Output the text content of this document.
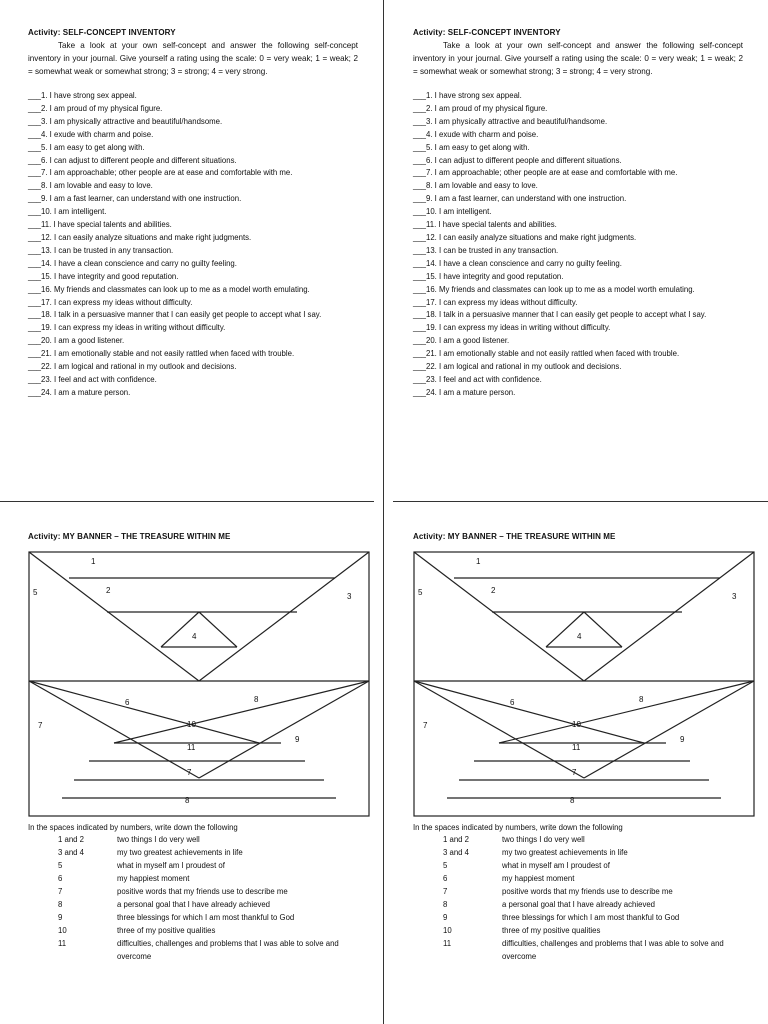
Activity: SELF-CONCEPT INVENTORY
Take a look at your own self-concept and answer the following self-concept inventory in your journal. Give yourself a rating using the scale: 0 = very weak; 1 = weak; 2 = somewhat weak or somewhat strong; 3 = strong; 4 = very strong.
___1. I have strong sex appeal.
___2. I am proud of my physical figure.
___3. I am physically attractive and beautiful/handsome.
___4. I exude with charm and poise.
___5. I am easy to get along with.
___6. I can adjust to different people and different situations.
___7. I am approachable; other people are at ease and comfortable with me.
___8. I am lovable and easy to love.
___9. I am a fast learner, can understand with one instruction.
___10. I am intelligent.
___11. I have special talents and abilities.
___12. I can easily analyze situations and make right judgments.
___13. I can be trusted in any transaction.
___14. I have a clean conscience and carry no guilty feeling.
___15. I have integrity and good reputation.
___16. My friends and classmates can look up to me as a model worth emulating.
___17. I can express my ideas without difficulty.
___18. I talk in a persuasive manner that I can easily get people to accept what I say.
___19. I can express my ideas in writing without difficulty.
___20. I am a good listener.
___21. I am emotionally stable and not easily rattled when faced with trouble.
___22. I am logical and rational in my outlook and decisions.
___23. I feel and act with confidence.
___24. I am a mature person.
Activity: SELF-CONCEPT INVENTORY
Take a look at your own self-concept and answer the following self-concept inventory in your journal. Give yourself a rating using the scale: 0 = very weak; 1 = weak; 2 = somewhat weak or somewhat strong; 3 = strong; 4 = very strong.
___1. I have strong sex appeal.
___2. I am proud of my physical figure.
___3. I am physically attractive and beautiful/handsome.
___4. I exude with charm and poise.
___5. I am easy to get along with.
___6. I can adjust to different people and different situations.
___7. I am approachable; other people are at ease and comfortable with me.
___8. I am lovable and easy to love.
___9. I am a fast learner, can understand with one instruction.
___10. I am intelligent.
___11. I have special talents and abilities.
___12. I can easily analyze situations and make right judgments.
___13. I can be trusted in any transaction.
___14. I have a clean conscience and carry no guilty feeling.
___15. I have integrity and good reputation.
___16. My friends and classmates can look up to me as a model worth emulating.
___17. I can express my ideas without difficulty.
___18. I talk in a persuasive manner that I can easily get people to accept what I say.
___19. I can express my ideas in writing without difficulty.
___20. I am a good listener.
___21. I am emotionally stable and not easily rattled when faced with trouble.
___22. I am logical and rational in my outlook and decisions.
___23. I feel and act with confidence.
___24. I am a mature person.
Activity: MY BANNER – THE TREASURE WITHIN ME
1
2
3
4
5
6
7
8
9
10
11
7
8
In the spaces indicated by numbers, write down the following
1 and 2	two things I do very well
3 and 4	my two greatest achievements in life
5	what in myself am I proudest of
6	my happiest moment
7	positive words that my friends use to describe me
8	a personal goal that I have already achieved
9	three blessings for which I am most thankful to God
10	three of my positive qualities
11	difficulties, challenges and problems that I was able to solve and overcome
Activity: MY BANNER – THE TREASURE WITHIN ME
1
2
3
4
5
6
7
8
9
10
11
7
8
In the spaces indicated by numbers, write down the following
1 and 2	two things I do very well
3 and 4	my two greatest achievements in life
5	what in myself am I proudest of
6	my happiest moment
7	positive words that my friends use to describe me
8	a personal goal that I have already achieved
9	three blessings for which I am most thankful to God
10	three of my positive qualities
11	difficulties, challenges and problems that I was able to solve and overcome
